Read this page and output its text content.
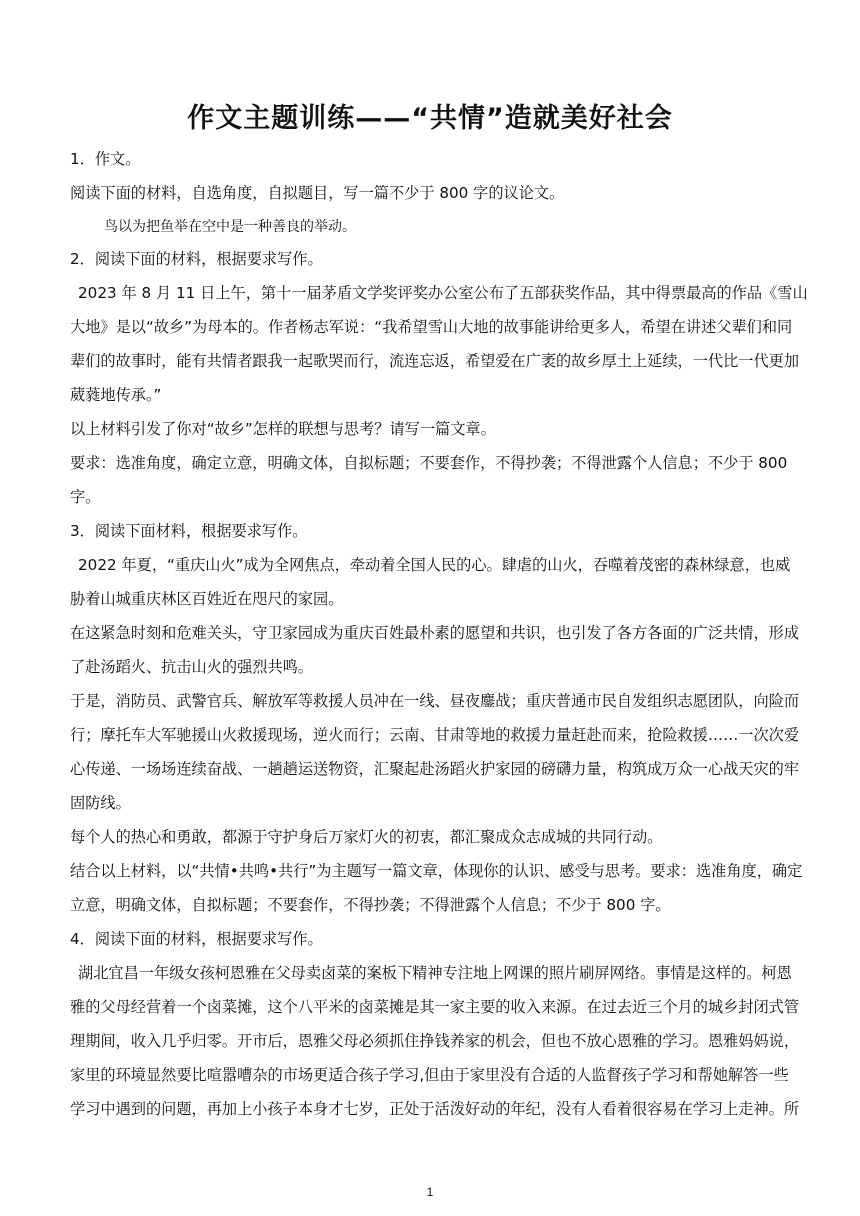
作文主题训练——“共情”造就美好社会
1．作文。
阅读下面的材料，自选角度，自拟题目，写一篇不少于 800 字的议论文。
鸟以为把鱼举在空中是一种善良的举动。
2．阅读下面的材料，根据要求写作。
2023 年 8 月 11 日上午，第十一届茅盾文学奖评奖办公室公布了五部获奖作品，其中得票最高的作品《雪山
大地》是以“故乡”为母本的。作者杨志军说：“我希望雪山大地的故事能讲给更多人，希望在讲述父辈们和同
辈们的故事时，能有共情者跟我一起歌哭而行，流连忘返，希望爱在广袤的故乡厚土上延续，一代比一代更加
葳蕤地传承。”
以上材料引发了你对“故乡”怎样的联想与思考？请写一篇文章。
要求：选准角度，确定立意，明确文体，自拟标题；不要套作，不得抄袭；不得泄露个人信息；不少于 800
字。
3．阅读下面材料，根据要求写作。
2022 年夏，“重庆山火”成为全网焦点，牵动着全国人民的心。肆虐的山火，吞噬着茂密的森林绿意，也威
胁着山城重庆林区百姓近在咫尺的家园。
在这紧急时刻和危难关头，守卫家园成为重庆百姓最朴素的愿望和共识，也引发了各方各面的广泛共情，形成
了赴汤蹈火、抗击山火的强烈共鸣。
于是，消防员、武警官兵、解放军等救援人员冲在一线、昼夜鏖战；重庆普通市民自发组织志愿团队，向险而
行；摩托车大军驰援山火救援现场，逆火而行；云南、甘肃等地的救援力量赶赴而来，抢险救援……一次次爱
心传递、一场场连续奋战、一趟趟运送物资，汇聚起赴汤蹈火护家园的磅礴力量，构筑成万众一心战天灾的牢
固防线。
每个人的热心和勇敢，都源于守护身后万家灯火的初衷，都汇聚成众志成城的共同行动。
结合以上材料，以“共情•共鸣•共行”为主题写一篇文章，体现你的认识、感受与思考。要求：选准角度，确定
立意，明确文体，自拟标题；不要套作，不得抄袭；不得泄露个人信息；不少于 800 字。
4．阅读下面的材料，根据要求写作。
湖北宜昌一年级女孩柯恩雅在父母卖卤菜的案板下精神专注地上网课的照片刷屏网络。事情是这样的。柯恩
雅的父母经营着一个卤菜摊，这个八平米的卤菜摊是其一家主要的收入来源。在过去近三个月的城乡封闭式管
理期间，收入几乎归零。开市后，恩雅父母必须抓住挣钱养家的机会，但也不放心恩雅的学习。恩雅妈妈说，
家里的环境显然要比喧嚣嘈杂的市场更适合孩子学习,但由于家里没有合适的人监督孩子学习和帮她解答一些
学习中遇到的问题，再加上小孩子本身才七岁，正处于活泼好动的年纪，没有人看着很容易在学习上走神。所
1
